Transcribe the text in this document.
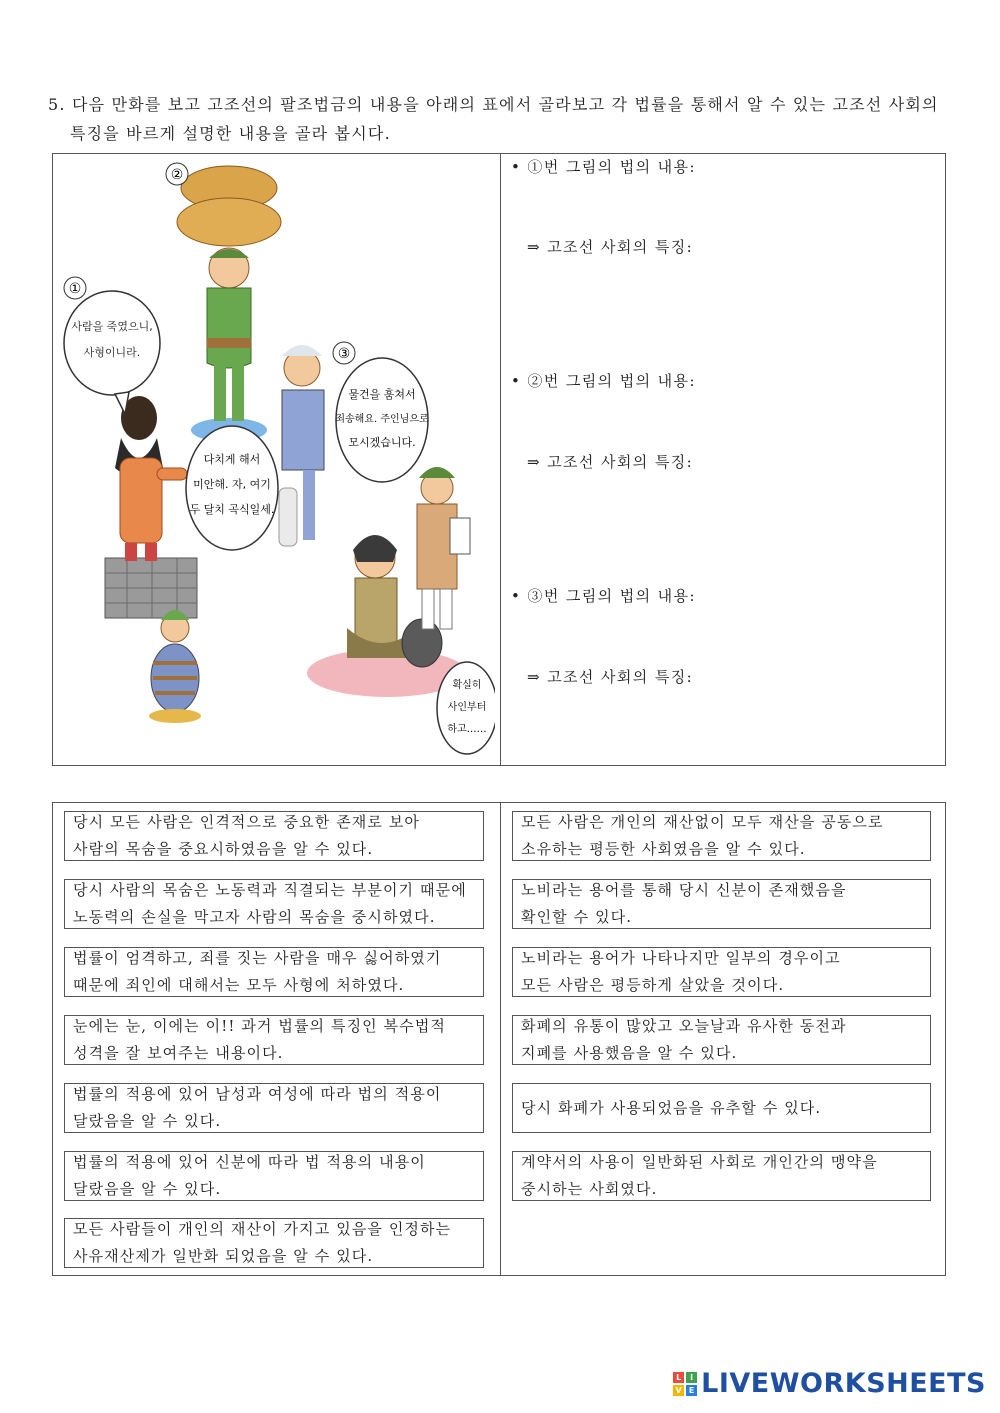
5. 다음 만화를 보고 고조선의 팔조법금의 내용을 아래의 표에서 골라보고 각 법률을 통해서 알 수 있는 고조선 사회의
특징을 바르게 설명한 내용을 골라 봅시다.
사람을 죽였으니,
사형이니라.
①
②
다치게 해서
미안해. 자, 여기
두 달치 곡식일세.
물건을 훔쳐서
죄송해요. 주인님으로
모시겠습니다.
③
확실히
사인부터
하고……
• ①번 그림의 법의 내용:
⇒ 고조선 사회의 특징:
• ②번 그림의 법의 내용:
⇒ 고조선 사회의 특징:
• ③번 그림의 법의 내용:
⇒ 고조선 사회의 특징:
당시 모든 사람은 인격적으로 중요한 존재로 보아
사람의 목숨을 중요시하였음을 알 수 있다.
당시 사람의 목숨은 노동력과 직결되는 부분이기 때문에
노동력의 손실을 막고자 사람의 목숨을 중시하였다.
법률이 엄격하고, 죄를 짓는 사람을 매우 싫어하였기
때문에 죄인에 대해서는 모두 사형에 처하였다.
눈에는 눈, 이에는 이!! 과거 법률의 특징인 복수법적
성격을 잘 보여주는 내용이다.
법률의 적용에 있어 남성과 여성에 따라 법의 적용이
달랐음을 알 수 있다.
법률의 적용에 있어 신분에 따라 법 적용의 내용이
달랐음을 알 수 있다.
모든 사람들이 개인의 재산이 가지고 있음을 인정하는
사유재산제가 일반화 되었음을 알 수 있다.
모든 사람은 개인의 재산없이 모두 재산을 공동으로
소유하는 평등한 사회였음을 알 수 있다.
노비라는 용어를 통해 당시 신분이 존재했음을
확인할 수 있다.
노비라는 용어가 나타나지만 일부의 경우이고
모든 사람은 평등하게 살았을 것이다.
화폐의 유통이 많았고 오늘날과 유사한 동전과
지폐를 사용했음을 알 수 있다.
당시 화폐가 사용되었음을 유추할 수 있다.
계약서의 사용이 일반화된 사회로 개인간의 맹약을
중시하는 사회였다.
L	I
V E LIVEWORKSHEETS
